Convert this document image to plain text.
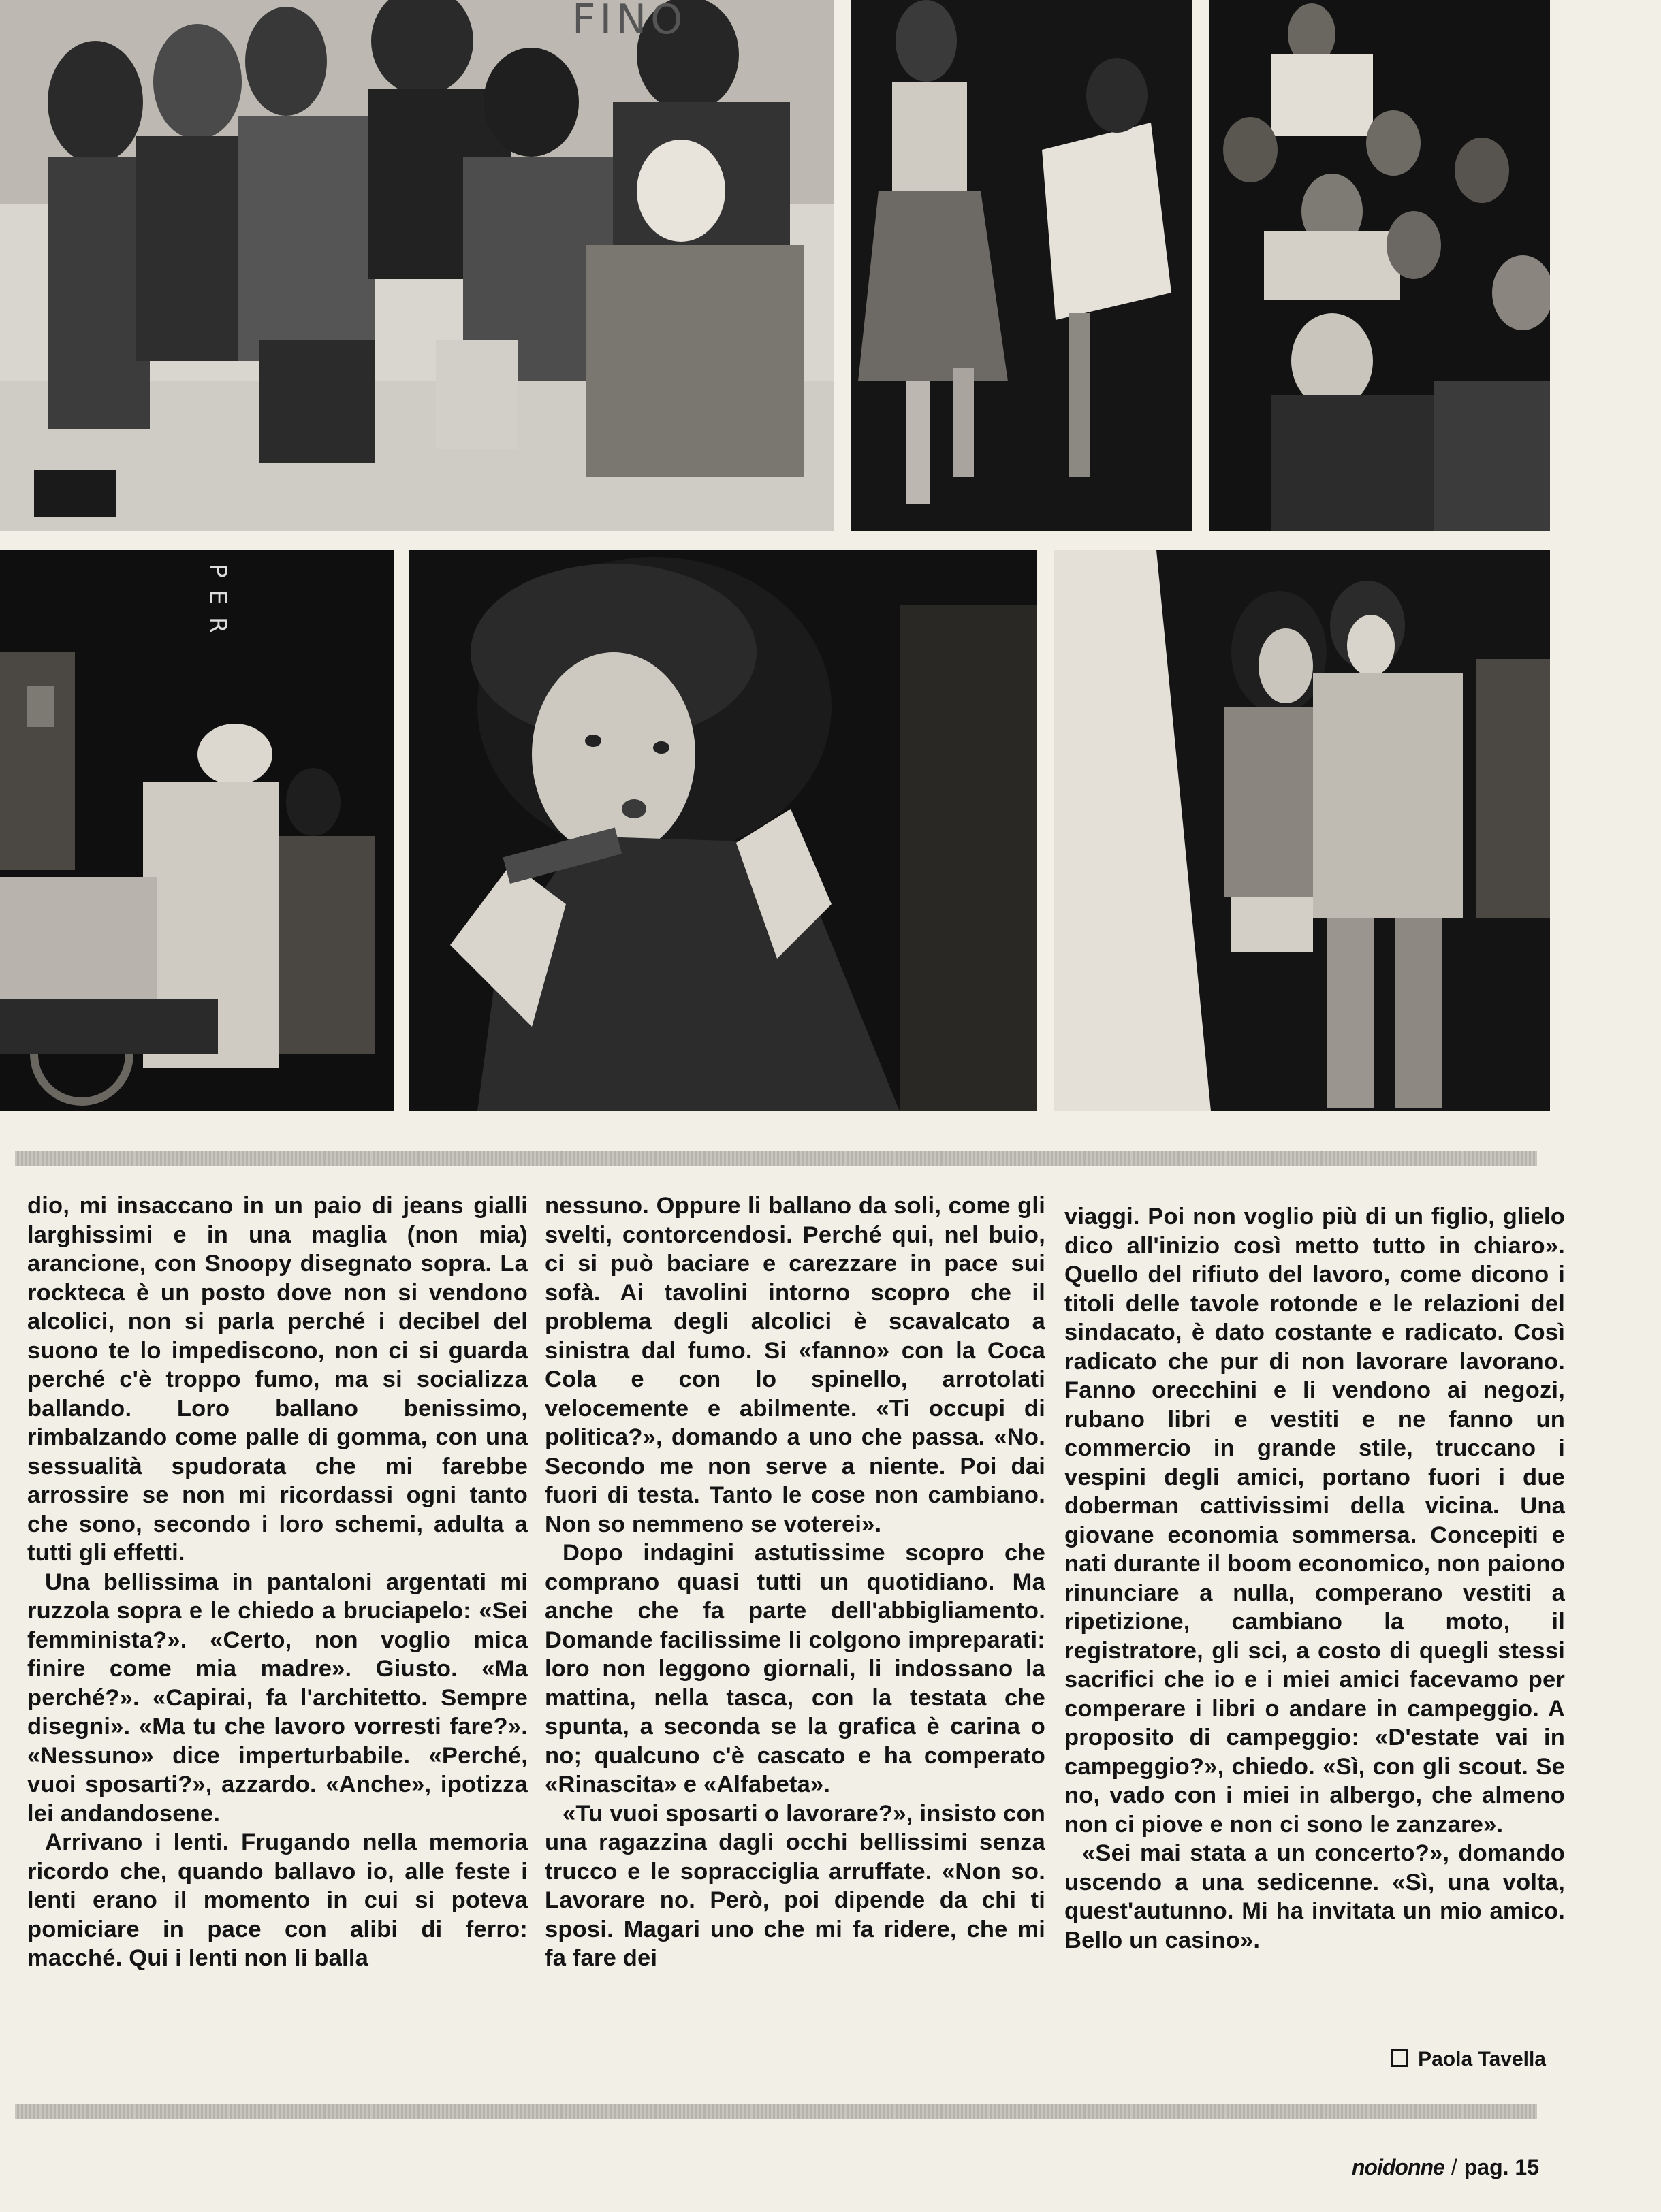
FINO
PER

dio, mi insaccano in un paio di jeans gialli larghissimi e in una maglia (non mia) arancione, con Snoopy disegnato sopra. La rockteca è un posto dove non si vendono alcolici, non si parla perché i decibel del suono te lo impediscono, non ci si guarda perché c'è troppo fumo, ma si socializza ballando. Loro ballano benissimo, rimbalzando come palle di gomma, con una sessualità spudorata che mi farebbe arrossire se non mi ricordassi ogni tanto che sono, secondo i loro schemi, adulta a tutti gli effetti.

Una bellissima in pantaloni argentati mi ruzzola sopra e le chiedo a bruciapelo: «Sei femminista?». «Certo, non voglio mica finire come mia madre». Giusto. «Ma perché?». «Capirai, fa l'architetto. Sempre disegni». «Ma tu che lavoro vorresti fare?». «Nessuno» dice imperturbabile. «Perché, vuoi sposarti?», azzardo. «Anche», ipotizza lei andandosene.

Arrivano i lenti. Frugando nella memoria ricordo che, quando ballavo io, alle feste i lenti erano il momento in cui si poteva pomiciare in pace con alibi di ferro: macché. Qui i lenti non li balla

nessuno. Oppure li ballano da soli, come gli svelti, contorcendosi. Perché qui, nel buio, ci si può baciare e carezzare in pace sui sofà. Ai tavolini intorno scopro che il problema degli alcolici è scavalcato a sinistra dal fumo. Si «fanno» con la Coca Cola e con lo spinello, arrotolati velocemente e abilmente. «Ti occupi di politica?», domando a uno che passa. «No. Secondo me non serve a niente. Poi dai fuori di testa. Tanto le cose non cambiano. Non so nemmeno se voterei».

Dopo indagini astutissime scopro che comprano quasi tutti un quotidiano. Ma anche che fa parte dell'abbigliamento. Domande facilissime li colgono impreparati: loro non leggono giornali, li indossano la mattina, nella tasca, con la testata che spunta, a seconda se la grafica è carina o no; qualcuno c'è cascato e ha comperato «Rinascita» e «Alfabeta».

«Tu vuoi sposarti o lavorare?», insisto con una ragazzina dagli occhi bellissimi senza trucco e le sopracciglia arruffate. «Non so. Lavorare no. Però, poi dipende da chi ti sposi. Magari uno che mi fa ridere, che mi fa fare dei

viaggi. Poi non voglio più di un figlio, glielo dico all'inizio così metto tutto in chiaro». Quello del rifiuto del lavoro, come dicono i titoli delle tavole rotonde e le relazioni del sindacato, è dato costante e radicato. Così radicato che pur di non lavorare lavorano. Fanno orecchini e li vendono ai negozi, rubano libri e vestiti e ne fanno un commercio in grande stile, truccano i vespini degli amici, portano fuori i due doberman cattivissimi della vicina. Una giovane economia sommersa. Concepiti e nati durante il boom economico, non paiono rinunciare a nulla, comperano vestiti a ripetizione, cambiano la moto, il registratore, gli sci, a costo di quegli stessi sacrifici che io e i miei amici facevamo per comperare i libri o andare in campeggio. A proposito di campeggio: «D'estate vai in campeggio?», chiedo. «Sì, con gli scout. Se no, vado con i miei in albergo, che almeno non ci piove e non ci sono le zanzare».

«Sei mai stata a un concerto?», domando uscendo a una sedicenne. «Sì, una volta, quest'autunno. Mi ha invitata un mio amico. Bello un casino».

Paola Tavella
noidonne / pag. 15
